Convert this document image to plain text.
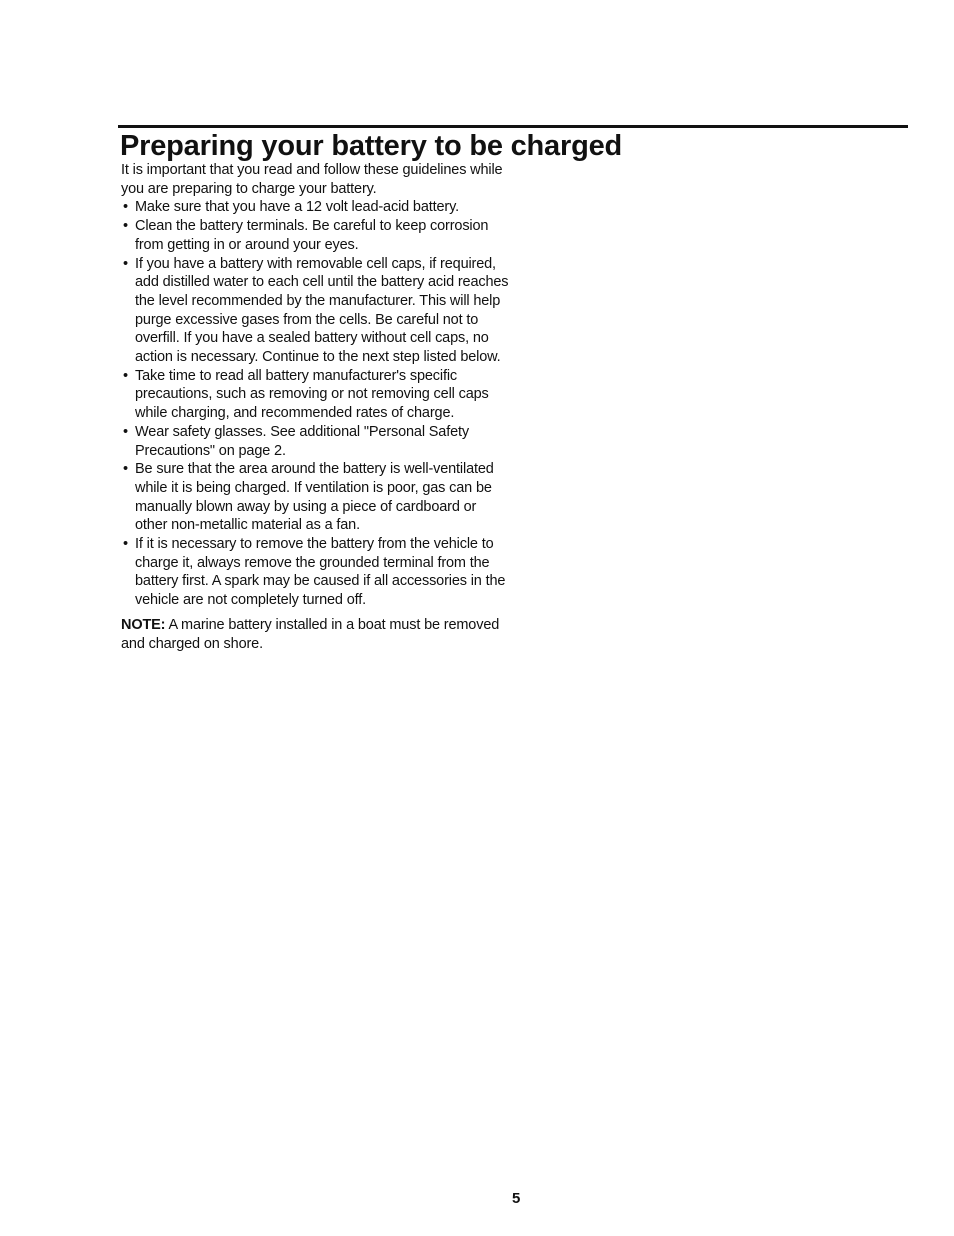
Preparing your battery to be charged

It is important that you read and follow these guidelines while you are preparing to charge your battery.

• Make sure that you have a 12 volt lead-acid battery.
• Clean the battery terminals. Be careful to keep corrosion from getting in or around your eyes.
• If you have a battery with removable cell caps, if required, add distilled water to each cell until the battery acid reaches the level recommended by the manufacturer. This will help purge excessive gases from the cells. Be careful not to overfill. If you have a sealed battery without cell caps, no action is necessary. Continue to the next step listed below.
• Take time to read all battery manufacturer's specific precautions, such as removing or not removing cell caps while charging, and recommended rates of charge.
• Wear safety glasses. See additional "Personal Safety Precautions" on page 2.
• Be sure that the area around the battery is well-ventilated while it is being charged. If ventilation is poor, gas can be manually blown away by using a piece of cardboard or other non-metallic material as a fan.
• If it is necessary to remove the battery from the vehicle to charge it, always remove the grounded terminal from the battery first. A spark may be caused if all accessories in the vehicle are not completely turned off.

NOTE: A marine battery installed in a boat must be removed and charged on shore.

5
